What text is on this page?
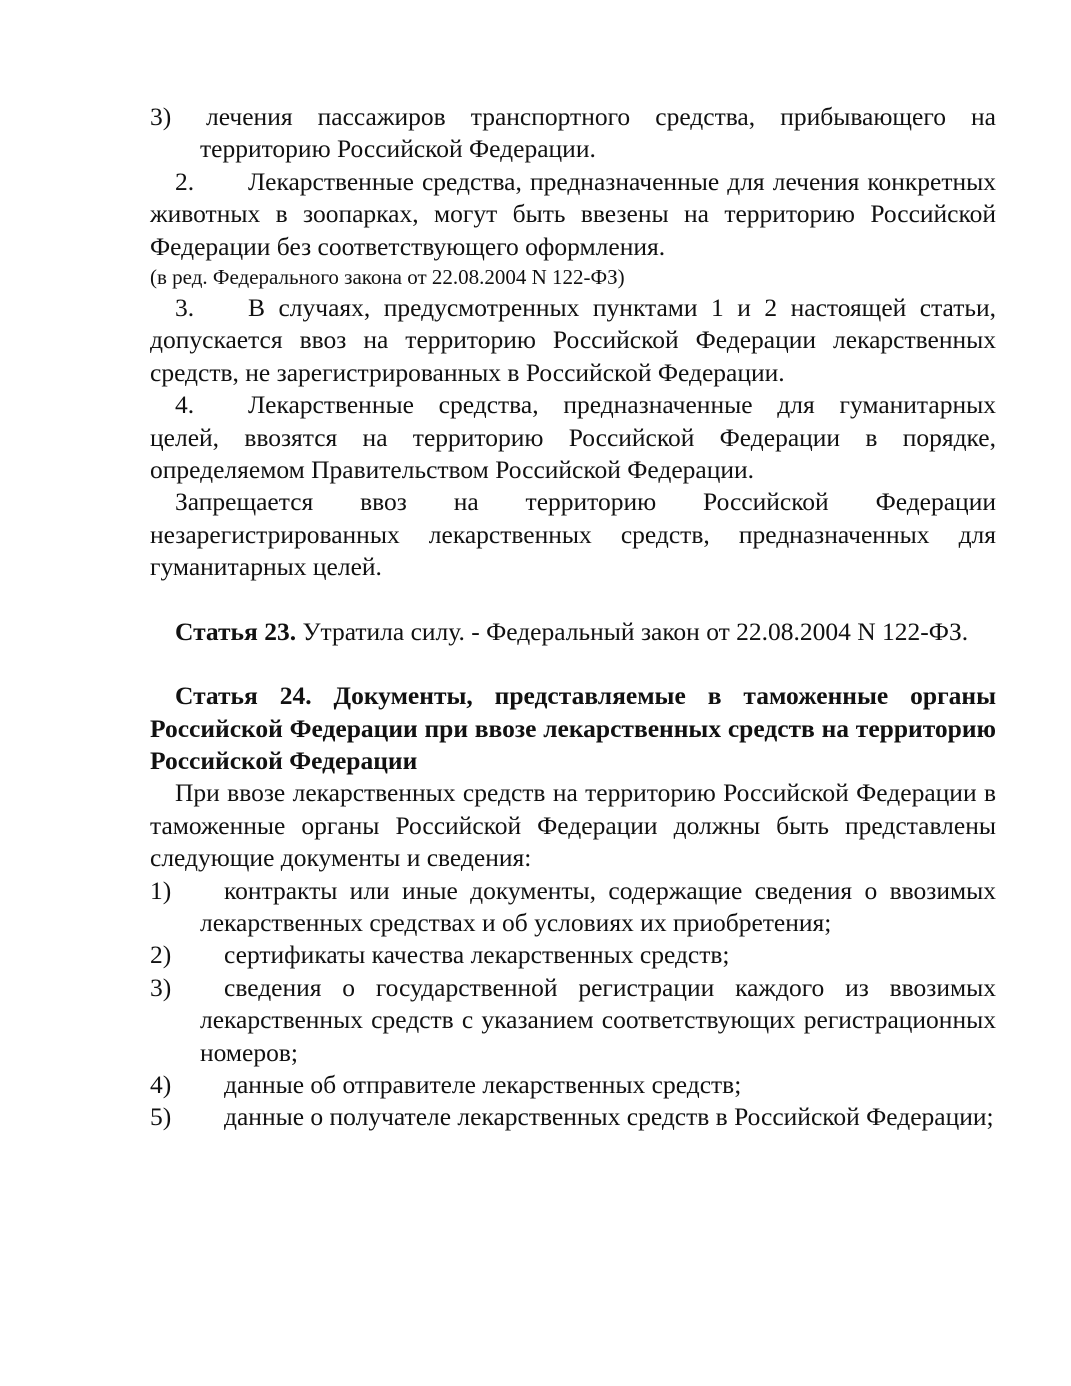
3) лечения пассажиров транспортного средства, прибывающего на территорию Российской Федерации.

2. Лекарственные средства, предназначенные для лечения конкретных животных в зоопарках, могут быть ввезены на территорию Российской Федерации без соответствующего оформления.

(в ред. Федерального закона от 22.08.2004 N 122-ФЗ)

3. В случаях, предусмотренных пунктами 1 и 2 настоящей статьи, допускается ввоз на территорию Российской Федерации лекарственных средств, не зарегистрированных в Российской Федерации.

4. Лекарственные средства, предназначенные для гуманитарных целей, ввозятся на территорию Российской Федерации в порядке, определяемом Правительством Российской Федерации.

Запрещается ввоз на территорию Российской Федерации незарегистрированных лекарственных средств, предназначенных для гуманитарных целей.

Статья 23. Утратила силу. - Федеральный закон от 22.08.2004 N 122-ФЗ.

Статья 24. Документы, представляемые в таможенные органы Российской Федерации при ввозе лекарственных средств на территорию Российской Федерации

При ввозе лекарственных средств на территорию Российской Федерации в таможенные органы Российской Федерации должны быть представлены следующие документы и сведения:

1) контракты или иные документы, содержащие сведения о ввозимых лекарственных средствах и об условиях их приобретения;
2) сертификаты качества лекарственных средств;
3) сведения о государственной регистрации каждого из ввозимых лекарственных средств с указанием соответствующих регистрационных номеров;
4) данные об отправителе лекарственных средств;
5) данные о получателе лекарственных средств в Российской Федерации;
